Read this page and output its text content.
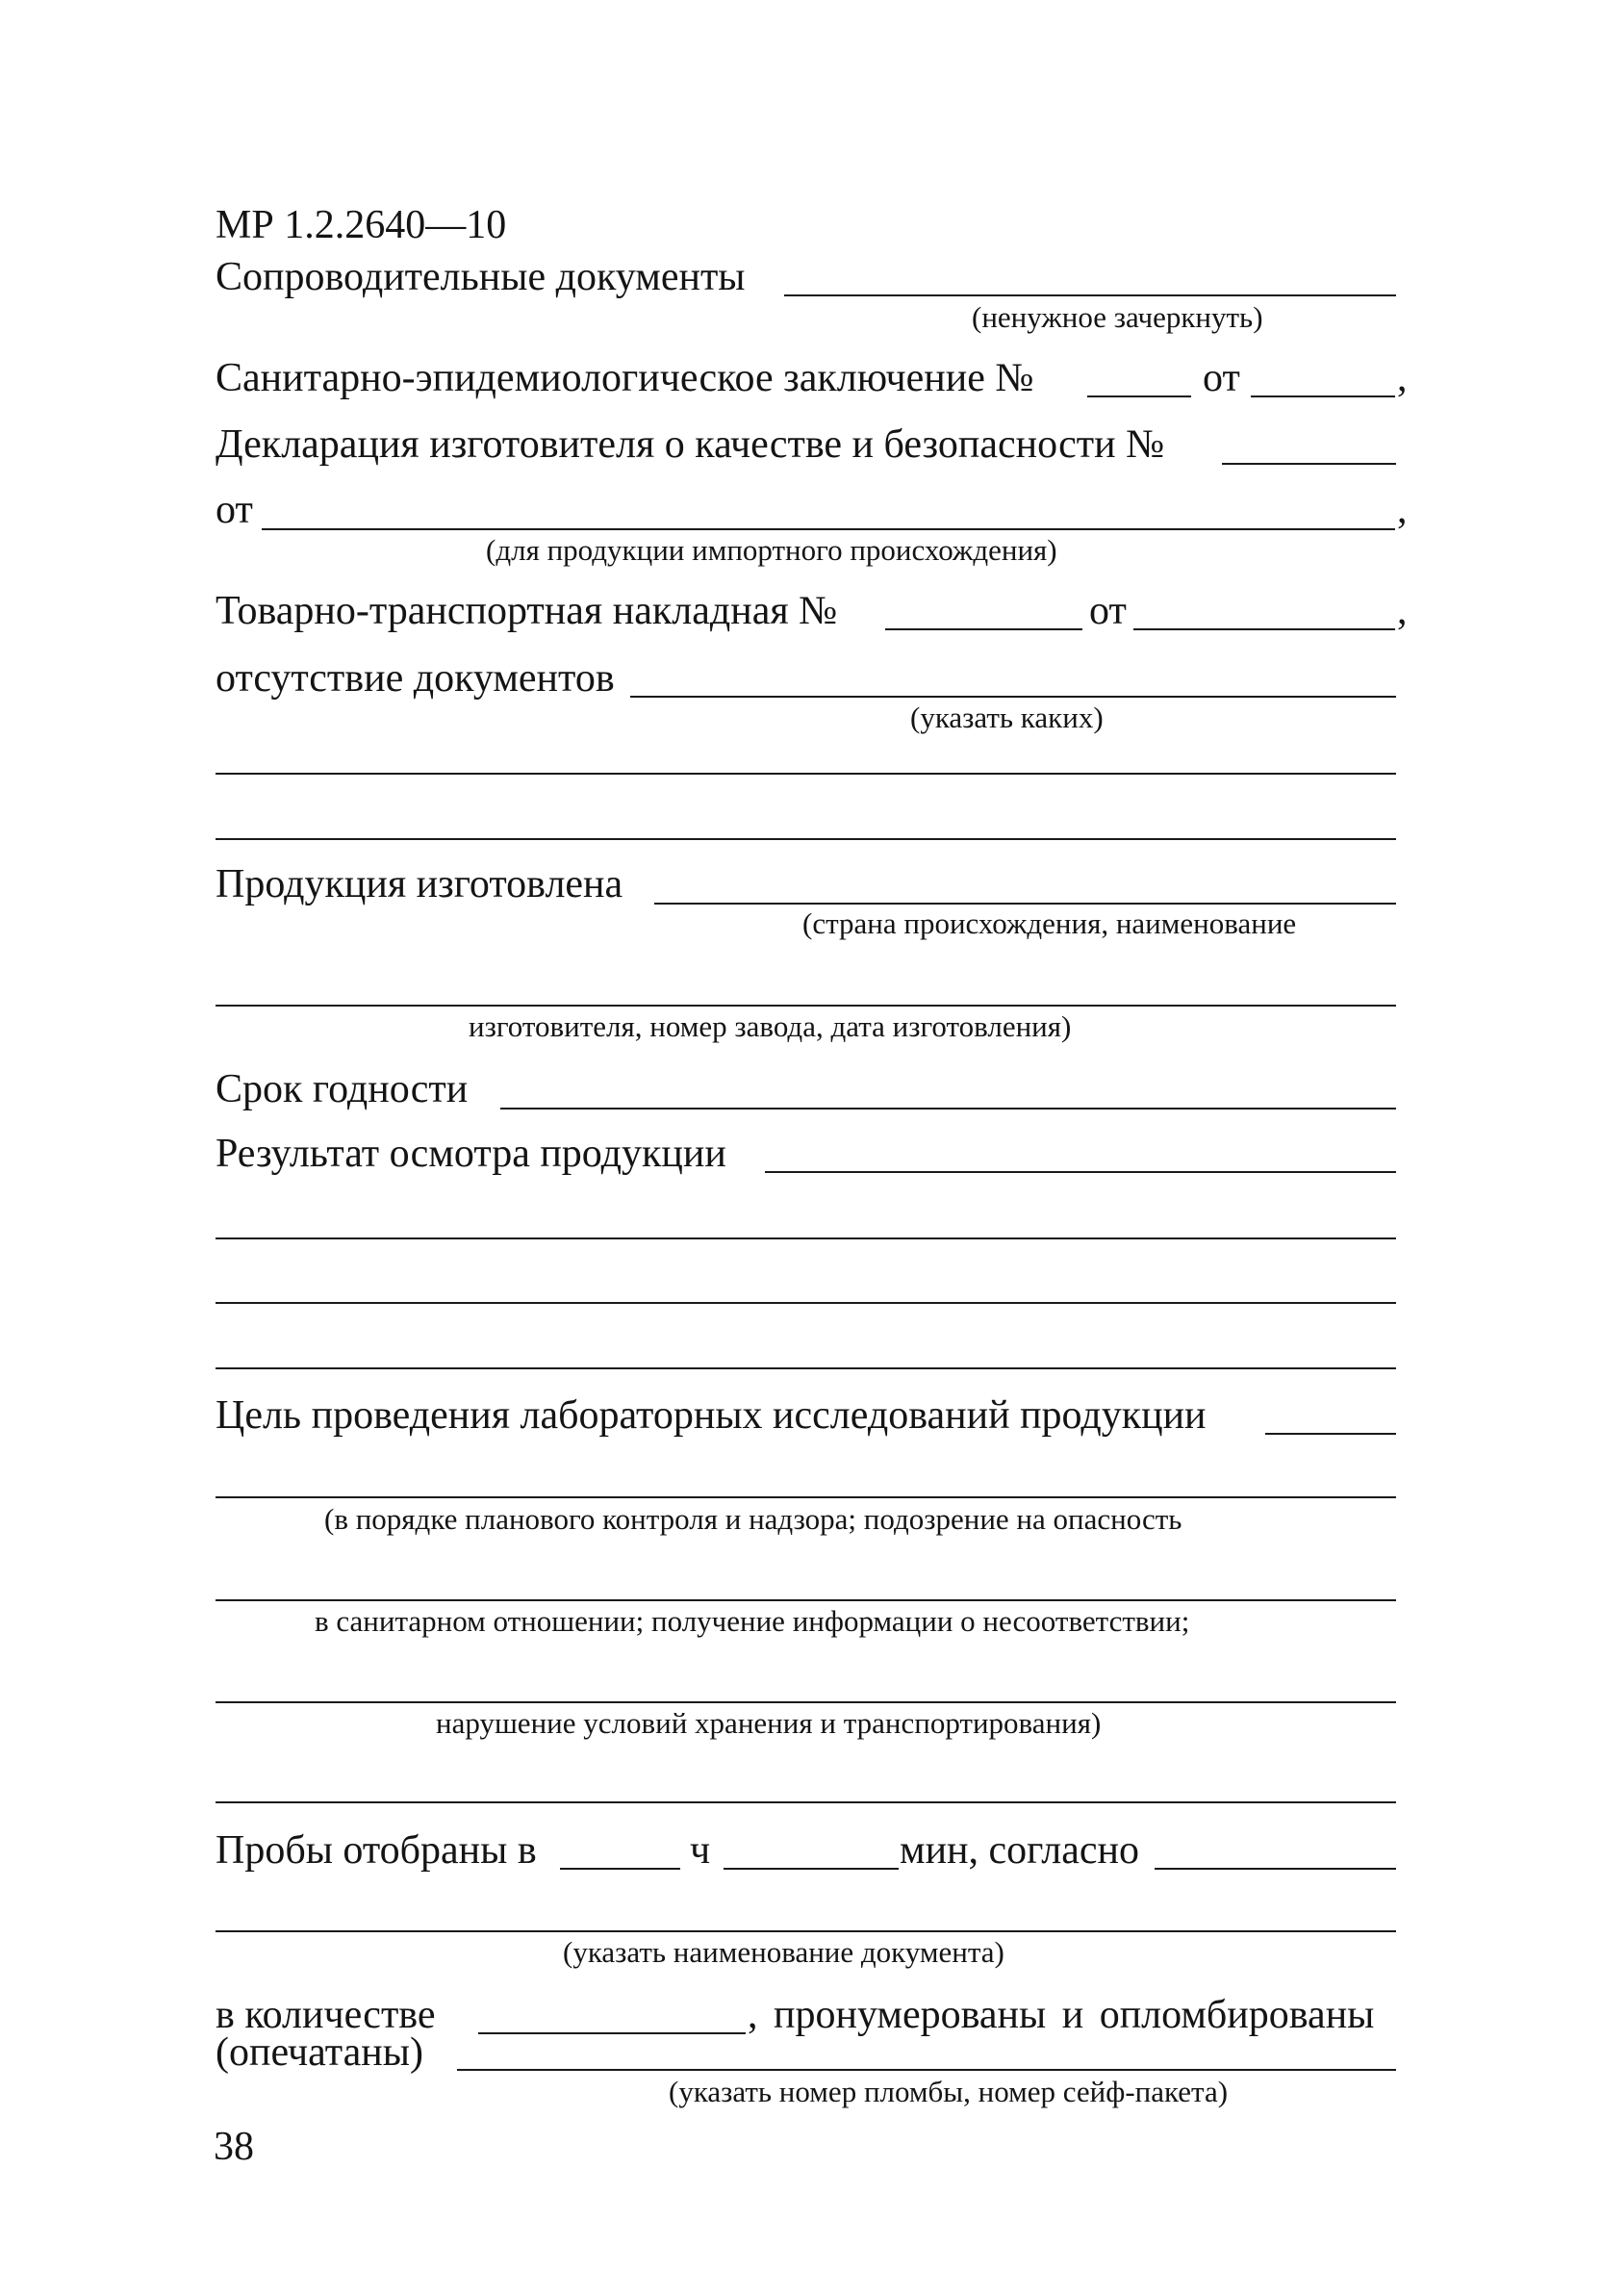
МР 1.2.2640—10
Сопроводительные документы
(ненужное зачеркнуть)
Санитарно-эпидемиологическое заключение №	от	,
Декларация изготовителя о качестве и безопасности №
от	,
(для продукции импортного происхождения)
Товарно-транспортная накладная №	от	,
отсутствие документов
(указать каких)
Продукция изготовлена
(страна происхождения, наименование
изготовителя, номер завода, дата изготовления)
Срок годности
Результат осмотра продукции
Цель проведения лабораторных исследований продукции
(в порядке планового контроля и надзора; подозрение на опасность
в санитарном отношении; получение информации о несоответствии;
нарушение условий хранения и транспортирования)
Пробы отобраны в	ч	мин, согласно
(указать наименование документа)
в количестве	, пронумерованы и опломбированы
(опечатаны)
(указать номер пломбы, номер сейф-пакета)
38
